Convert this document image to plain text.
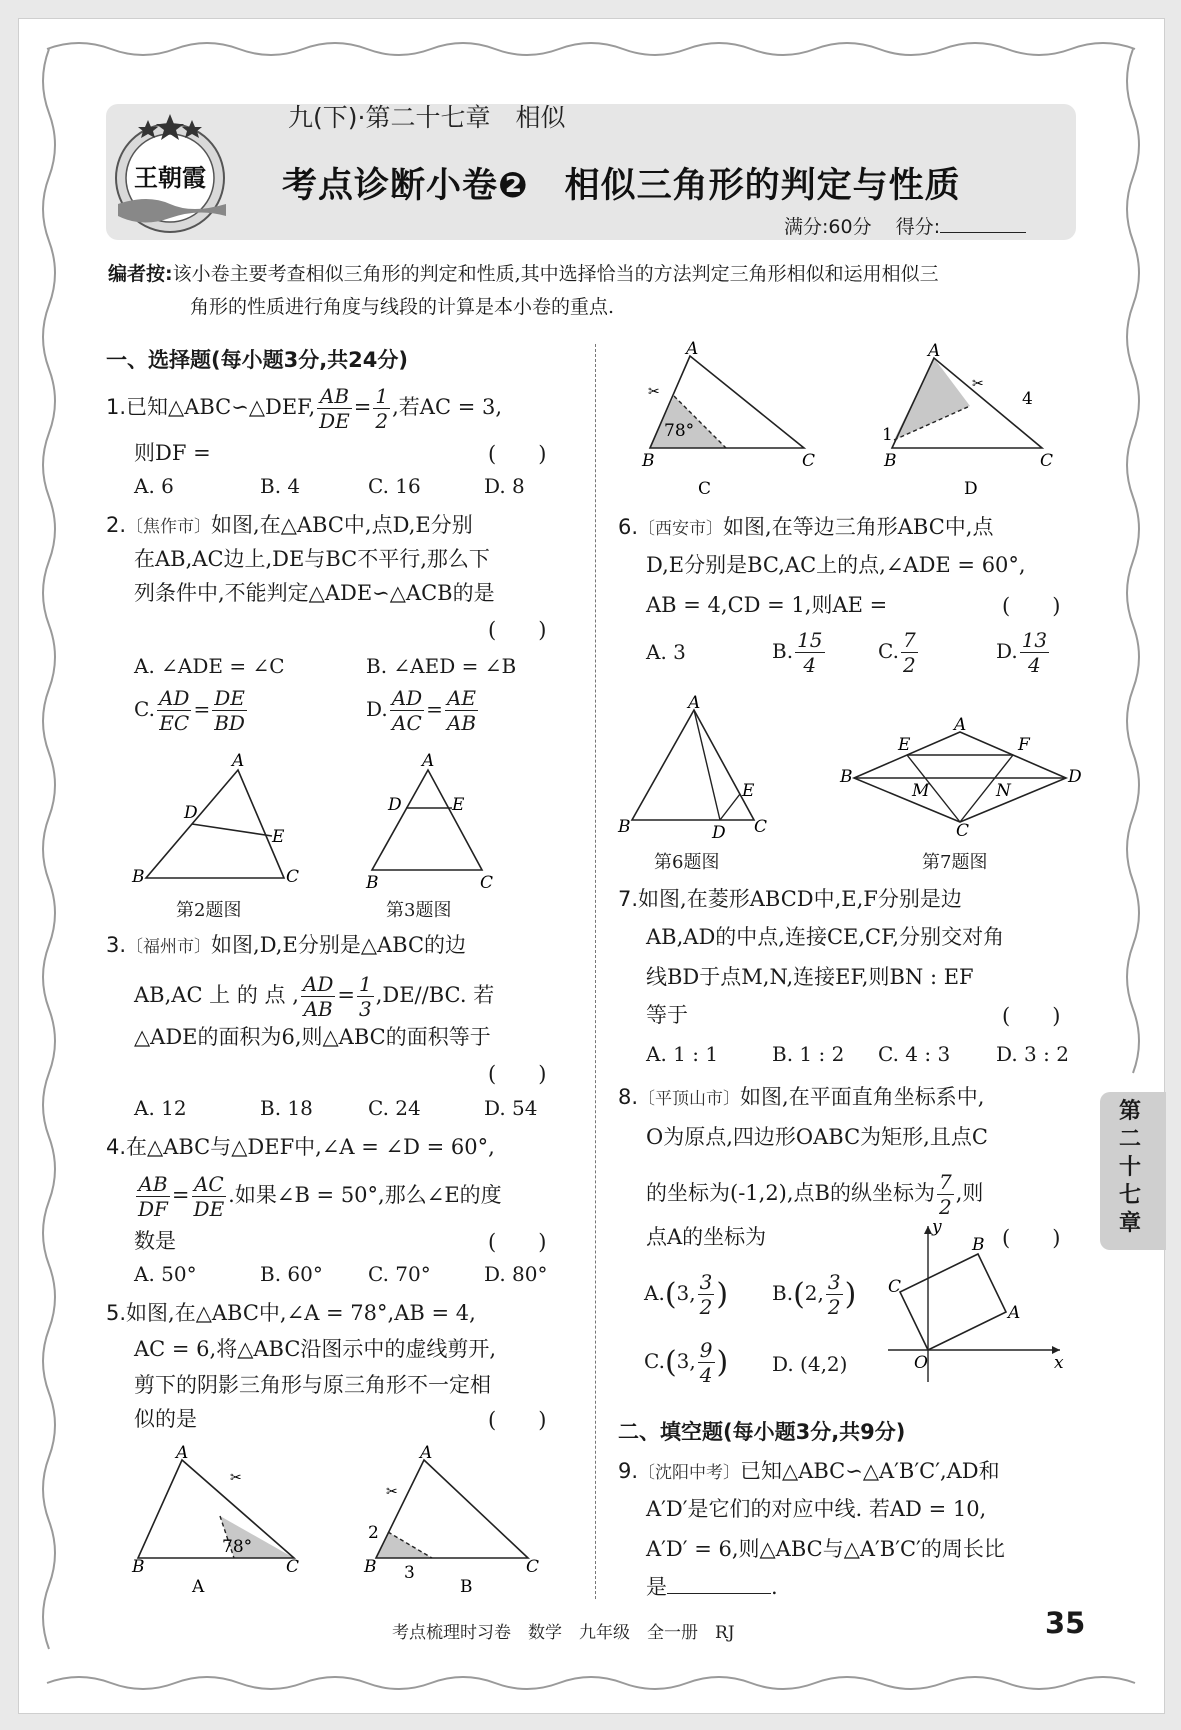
王朝霞
九(下)·第二十七章　相似
考点诊断小卷❷　相似三角形的判定与性质
满分:60分 得分:
编者按:该小卷主要考查相似三角形的判定和性质,其中选择恰当的方法判定三角形相似和运用相似三
角形的性质进行角度与线段的计算是本小卷的重点.
一、选择题(每小题3分,共24分)
1.已知△ABC∽△DEF, $\frac{AB}{DE} = \frac{1}{2}$ ,若AC = 3,
则DF =	(　　)
A. 6	B. 4	C. 16	D. 8
2.〔焦作市〕如图,在△ABC中,点D,E分别
在AB,AC边上,DE与BC不平行,那么下
列条件中,不能判定△ADE∽△ACB的是
(　　)
A. ∠ADE = ∠C	B. ∠AED = ∠B
C. $\frac{AD}{EC} = \frac{DE}{BD}$	D. $\frac{AD}{AC} = \frac{AE}{AB}$
A
D
E
B	C
第2题图
A
D	E
B	C
第3题图
3.〔福州市〕如图,D,E分别是△ABC的边
AB,AC 上 的 点 , $\frac{AD}{AB} = \frac{1}{3} ,DE//BC$. 若
△ADE的面积为6,则△ABC的面积等于
(　　)
A. 12	B. 18	C. 24	D. 54
4.在△ABC与△DEF中,∠A = ∠D = 60°,
$\frac{AB}{DF} = \frac{AC}{DE}$ .如果∠B = 50°,那么∠E的度
数是	(　　)
A. 50°	B. 60° C. 70°	D. 80°
5.如图,在△ABC中,∠A = 78°,AB = 4,
AC = 6,将△ABC沿图示中的虚线剪开,
剪下的阴影三角形与原三角形不一定相
似的是	(　　)
✂
A
B	C
78°
A
✂
A
B	C
2
3
B
✂
A
B	C
78°
C
✂
A
B	C
1
4
D
6.〔西安市〕如图,在等边三角形ABC中,点
D,E分别是BC,AC上的点,∠ADE = 60°,
AB = 4,CD = 1,则AE =	(　　)
A. 3	B. $\frac{15}{4}$	C. $\frac{7}{2}$	D. $\frac{13}{4}$
A
B	C
D
E
第6题图
A
B
C
D
E	F
M	N
第7题图
7.如图,在菱形ABCD中,E,F分别是边
AB,AD的中点,连接CE,CF,分别交对角
线BD于点M,N,连接EF,则BN : EF
等于	(　　)
A. 1 : 1	B. 1 : 2 C. 4 : 3 D. 3 : 2
8.〔平顶山市〕如图,在平面直角坐标系中,
O为原点,四边形OABC为矩形,且点C
的坐标为(-1,2),点B的纵坐标为 $\frac{7}{2}$ ,则
点A的坐标为	(　　)
A.(3, $\frac{3}{2}$ ) B.(2, $\frac{3}{2}$ )
C.(3, $\frac{9}{4}$ ) D. (4,2)
y
x
O
B
A
C
二、填空题(每小题3分,共9分)
9.〔沈阳中考〕已知△ABC∽△A′B′C′,AD和
A′D′是它们的对应中线. 若AD = 10,
A′D′ = 6,则△ABC与△A′B′C′的周长比
是	.
第二十七章
考点梳理时习卷　数学　九年级　全一册　RJ	35
